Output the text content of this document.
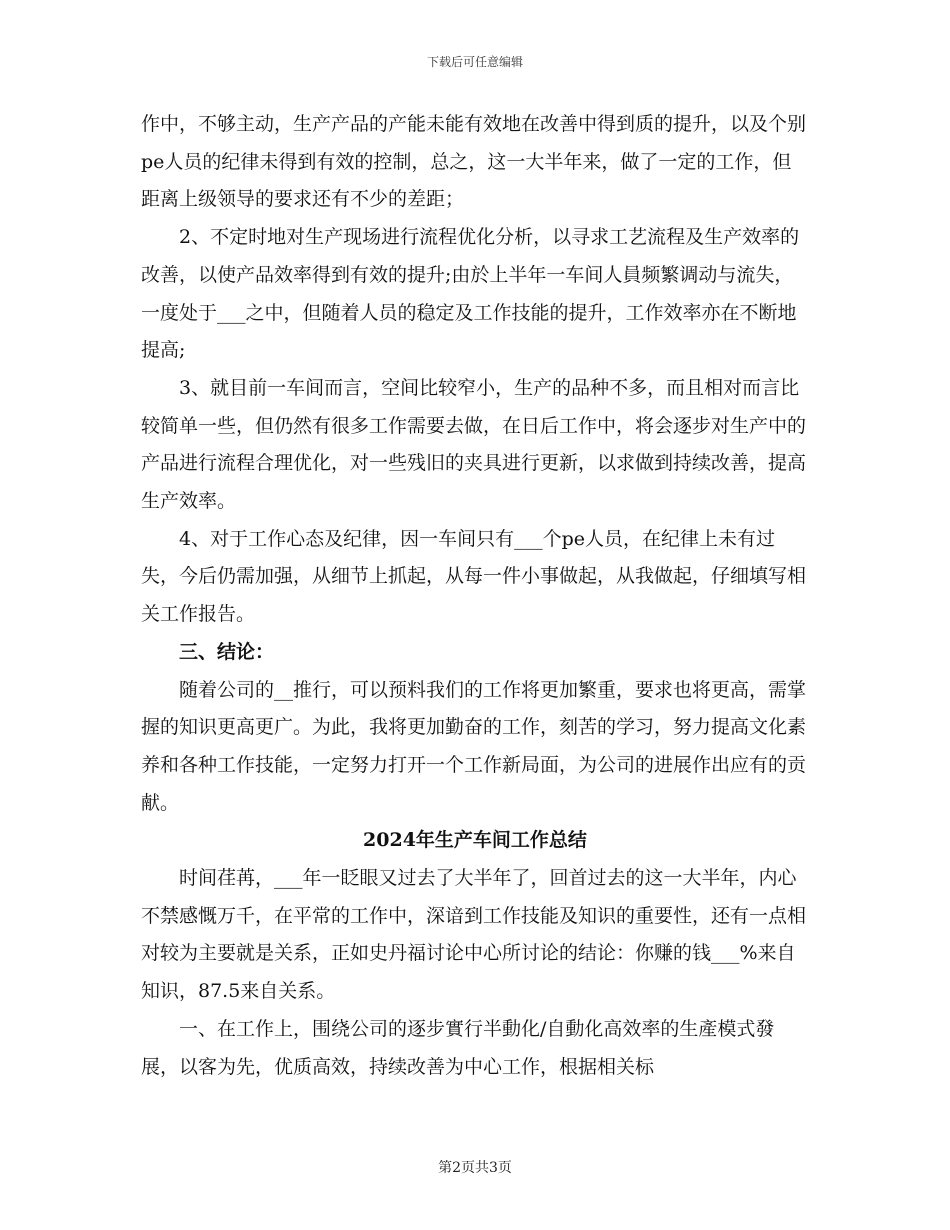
下载后可任意编辑

作中，不够主动，生产产品的产能未能有效地在改善中得到质的提升，以及个别pe人员的纪律未得到有效的控制，总之，这一大半年来，做了一定的工作，但距离上级领导的要求还有不少的差距；

2、不定时地对生产现场进行流程优化分析，以寻求工艺流程及生产效率的改善，以使产品效率得到有效的提升;由於上半年一车间人員频繁调动与流失，一度处于___之中，但随着人员的稳定及工作技能的提升，工作效率亦在不断地提高;

3、就目前一车间而言，空间比较窄小，生产的品种不多，而且相对而言比较简单一些，但仍然有很多工作需要去做，在日后工作中，将会逐步对生产中的产品进行流程合理优化，对一些残旧的夹具进行更新，以求做到持续改善，提高生产效率。

4、对于工作心态及纪律，因一车间只有___个pe人员，在纪律上未有过失，今后仍需加强，从细节上抓起，从每一件小事做起，从我做起，仔细填写相关工作报告。

三、结论：

随着公司的__推行，可以预料我们的工作将更加繁重，要求也将更高，需掌握的知识更高更广。为此，我将更加勤奋的工作，刻苦的学习，努力提高文化素养和各种工作技能，一定努力打开一个工作新局面，为公司的进展作出应有的贡献。

2024年生产车间工作总结

时间荏苒，___年一眨眼又过去了大半年了，回首过去的这一大半年，内心不禁感慨万千，在平常的工作中，深谙到工作技能及知识的重要性，还有一点相对较为主要就是关系，正如史丹福讨论中心所讨论的结论：你赚的钱___%来自知识，87.5来自关系。

一、在工作上，围绕公司的逐步實行半動化/自動化高效率的生產模式發展，以客为先，优质高效，持续改善为中心工作，根据相关标

第2页共3页
